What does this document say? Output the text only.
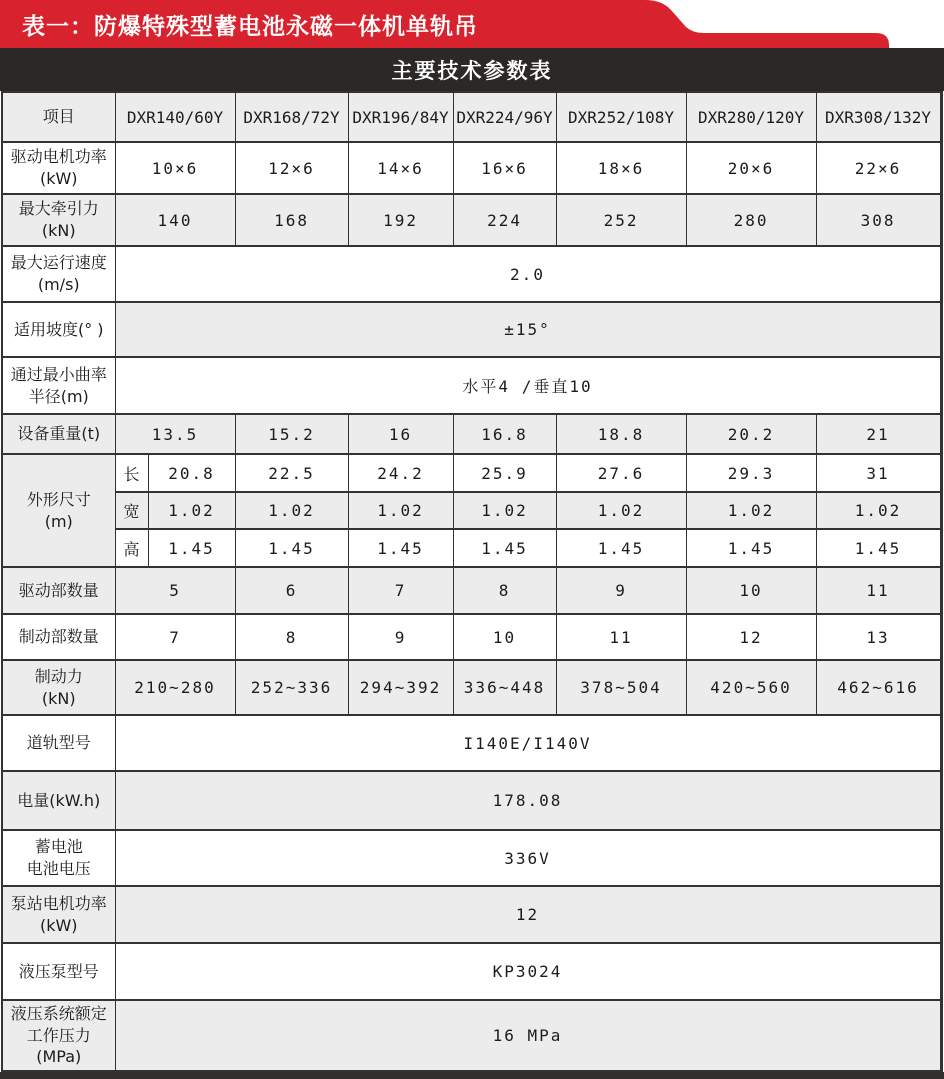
表一：防爆特殊型蓄电池永磁一体机单轨吊
主要技术参数表
项目	DXR140/60Y		DXR168/72Y	DXR196/84Y	DXR224/96Y	DXR252/108Y	DXR280/120Y	DXR308/132Y

驱动电机功率
(kW)	10×6		12×6	14×6	16×6	18×6	20×6	22×6

最大牵引力
(kN)	140		168	192	224	252	280	308

最大运行速度
(m/s)	2.0							
适用坡度(° )	±15°							

通过最小曲率
半径(m)	水平4 /垂直10							
设备重量(t)	13.5		15.2	16	16.8	18.8	20.2	21

外形尺寸
(m)	长	20.8	22.5	24.2	25.9	27.6	29.3	31
	宽	1.02	1.02	1.02	1.02	1.02	1.02	1.02
	高	1.45	1.45	1.45	1.45	1.45	1.45	1.45
驱动部数量	5		6	7	8	9	10	11
制动部数量	7		8	9	10	11	12	13

制动力
(kN)	210~280		252~336	294~392	336~448	378~504	420~560	462~616
道轨型号	I140E/I140V							
电量(kW.h)	178.08							

蓄电池
电池电压	336V							

泵站电机功率
(kW)	12							
液压泵型号	KP3024							

液压系统额定
工作压力
(MPa)	16 MPa							
